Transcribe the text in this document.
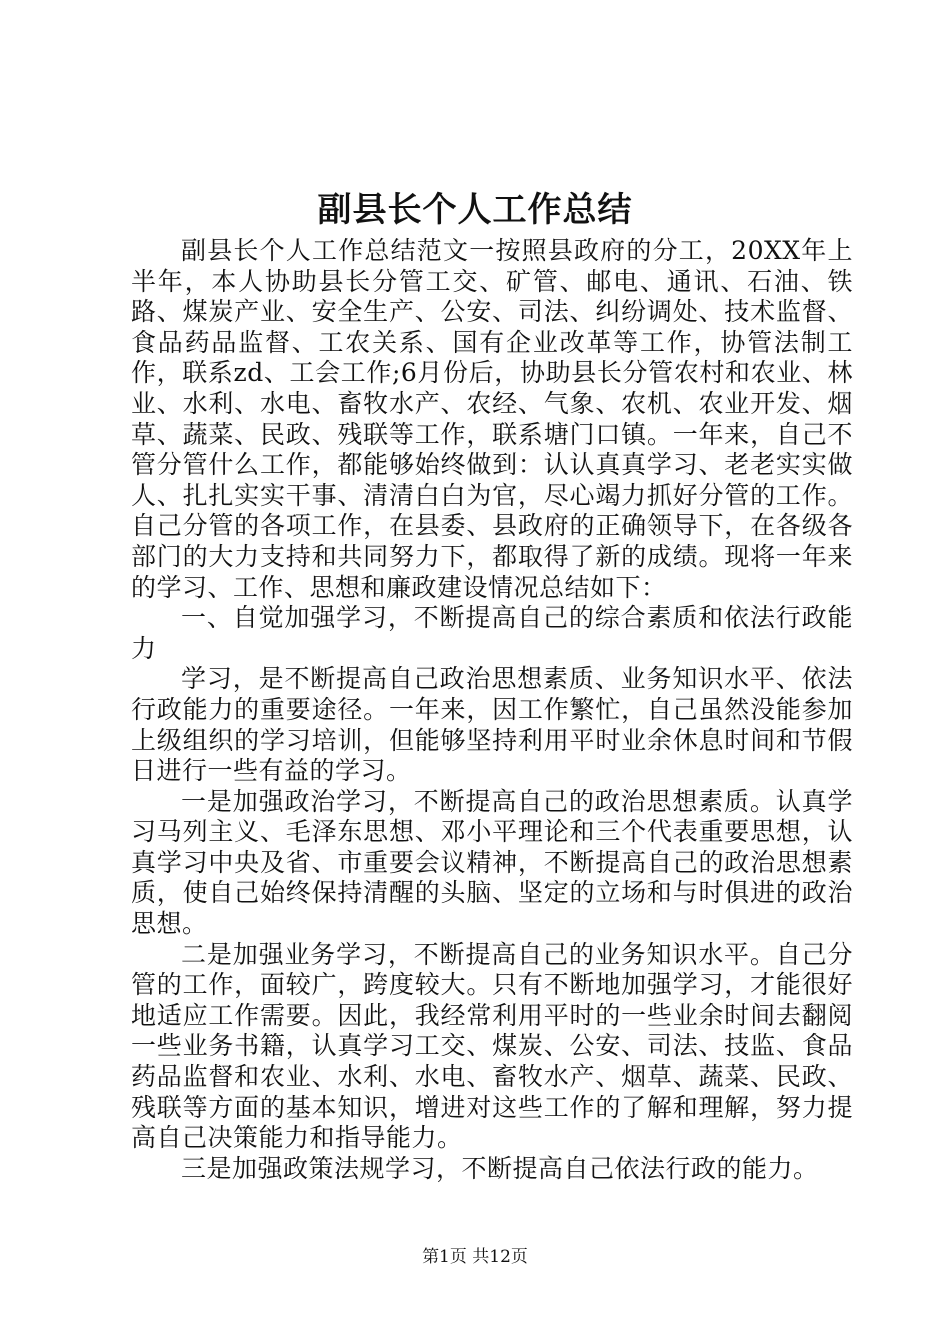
副县长个人工作总结

副县长个人工作总结范文一按照县政府的分工，20XX年上半年，本人协助县长分管工交、矿管、邮电、通讯、石油、铁路、煤炭产业、安全生产、公安、司法、纠纷调处、技术监督、食品药品监督、工农关系、国有企业改革等工作，协管法制工作，联系zd、工会工作;6月份后，协助县长分管农村和农业、林业、水利、水电、畜牧水产、农经、气象、农机、农业开发、烟草、蔬菜、民政、残联等工作，联系塘门口镇。一年来，自己不管分管什么工作，都能够始终做到：认认真真学习、老老实实做人、扎扎实实干事、清清白白为官，尽心竭力抓好分管的工作。自己分管的各项工作，在县委、县政府的正确领导下，在各级各部门的大力支持和共同努力下，都取得了新的成绩。现将一年来的学习、工作、思想和廉政建设情况总结如下：

一、自觉加强学习，不断提高自己的综合素质和依法行政能力

学习，是不断提高自己政治思想素质、业务知识水平、依法行政能力的重要途径。一年来，因工作繁忙，自己虽然没能参加上级组织的学习培训，但能够坚持利用平时业余休息时间和节假日进行一些有益的学习。

一是加强政治学习，不断提高自己的政治思想素质。认真学习马列主义、毛泽东思想、邓小平理论和三个代表重要思想，认真学习中央及省、市重要会议精神，不断提高自己的政治思想素质，使自己始终保持清醒的头脑、坚定的立场和与时俱进的政治思想。

二是加强业务学习，不断提高自己的业务知识水平。自己分管的工作，面较广，跨度较大。只有不断地加强学习，才能很好地适应工作需要。因此，我经常利用平时的一些业余时间去翻阅一些业务书籍，认真学习工交、煤炭、公安、司法、技监、食品药品监督和农业、水利、水电、畜牧水产、烟草、蔬菜、民政、残联等方面的基本知识，增进对这些工作的了解和理解，努力提高自己决策能力和指导能力。

三是加强政策法规学习，不断提高自己依法行政的能力。

第1页 共12页
